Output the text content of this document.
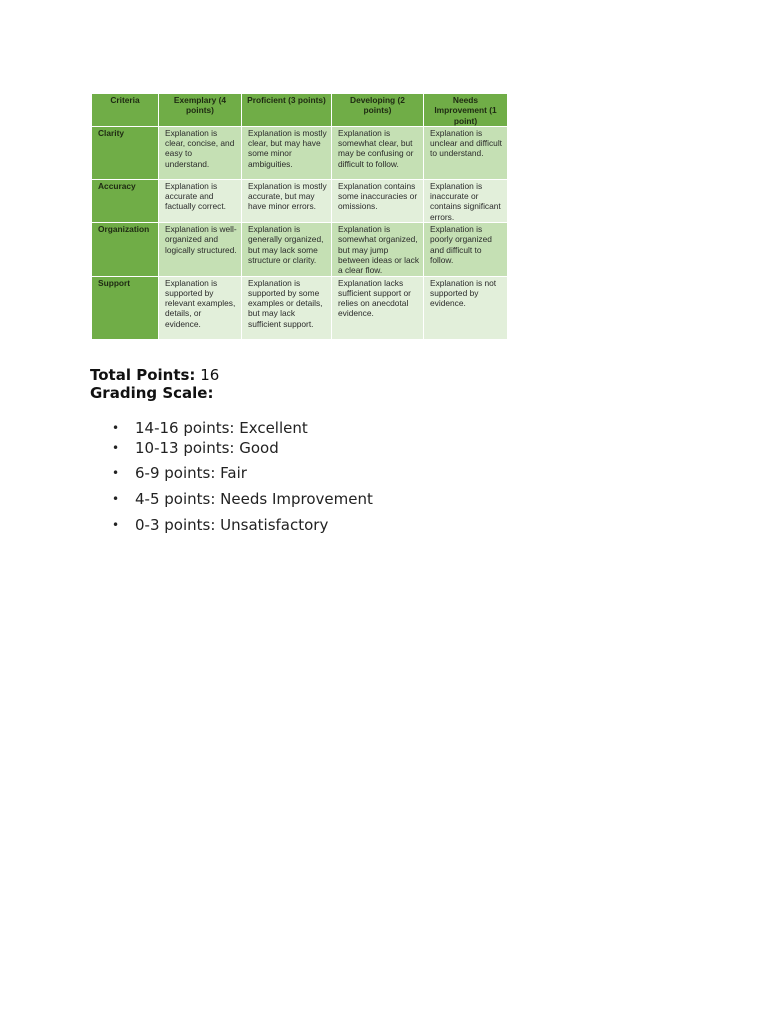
Criteria	Exemplary (4 points)	Proficient (3 points)	Developing (2 points)	Needs Improvement (1 point)
Clarity	Explanation is clear, concise, and easy to understand.	Explanation is mostly clear, but may have some minor ambiguities.	Explanation is somewhat clear, but may be confusing or difficult to follow.	Explanation is unclear and difficult to understand.
Accuracy	Explanation is accurate and factually correct.	Explanation is mostly accurate, but may have minor errors.	Explanation contains some inaccuracies or omissions.	Explanation is inaccurate or contains significant errors.
Organization	Explanation is well-organized and logically structured.	Explanation is generally organized, but may lack some structure or clarity.	Explanation is somewhat organized, but may jump between ideas or lack a clear flow.	Explanation is poorly organized and difficult to follow.
Support	Explanation is supported by relevant examples, details, or evidence.	Explanation is supported by some examples or details, but may lack sufficient support.	Explanation lacks sufficient support or relies on anecdotal evidence.	Explanation is not supported by evidence.
Total Points: 16
Grading Scale:
• 14-16 points: Excellent
• 10-13 points: Good
• 6-9 points: Fair
• 4-5 points: Needs Improvement
• 0-3 points: Unsatisfactory
